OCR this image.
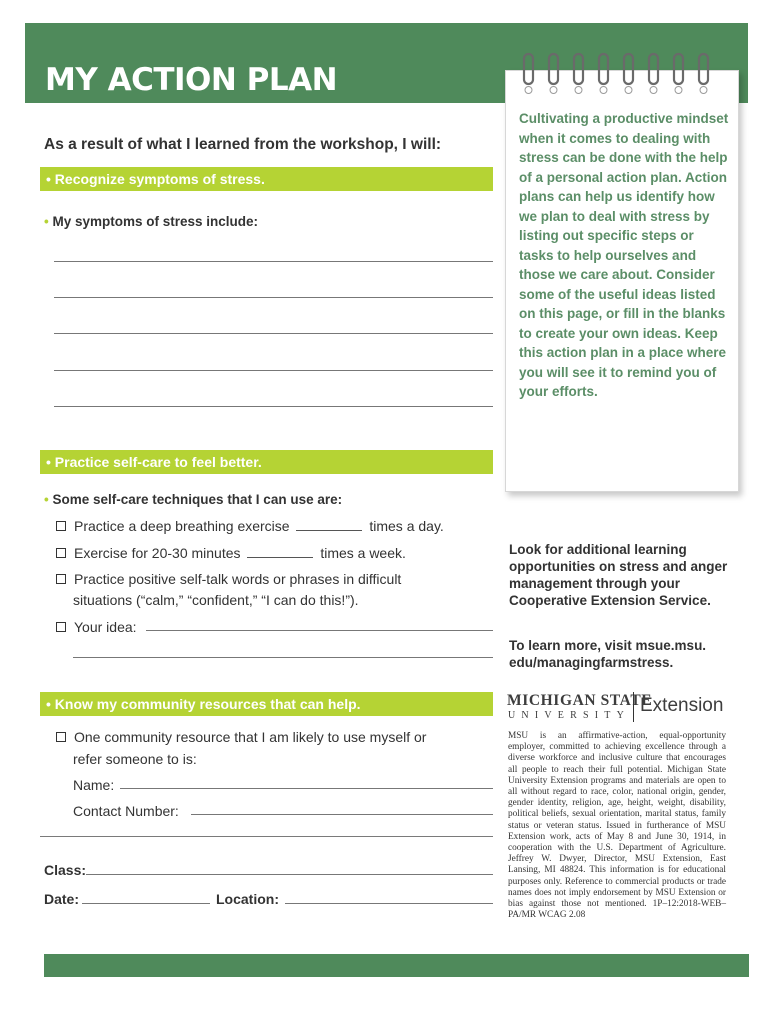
MY ACTION PLAN

As a result of what I learned from the workshop, I will:

• Recognize symptoms of stress.
• My symptoms of stress include:
• Practice self-care to feel better.
• Some self-care techniques that I can use are:
Practice a deep breathing exercise	times a day.
Exercise for 20-30 minutes	times a week.
Practice positive self-talk words or phrases in difficult
situations (“calm,” “confident,” “I can do this!”).
Your idea:
• Know my community resources that can help.
One community resource that I am likely to use myself or
refer someone to is:
Name:
Contact Number:
Class:
Date:	Location:
Cultivating a productive mindset when it comes to dealing with stress can be done with the help of a personal action plan. Action plans can help us identify how we plan to deal with stress by listing out specific steps or tasks to help ourselves and those we care about. Consider some of the useful ideas listed on this page, or fill in the blanks to create your own ideas. Keep this action plan in a place where you will see it to remind you of your efforts.
Look for additional learning opportunities on stress and anger management through your Cooperative Extension Service.
To learn more, visit msue.msu. edu/managingfarmstress.
MICHIGAN STATE
UNIVERSITY Extension
MSU is an affirmative-action, equal-opportunity employer, committed to achieving excellence through a diverse workforce and inclusive culture that encourages all people to reach their full potential. Michigan State University Extension programs and materials are open to all without regard to race, color, national origin, gender, gender identity, religion, age, height, weight, disability, political beliefs, sexual orientation, marital status, family status or veteran status. Issued in furtherance of MSU Extension work, acts of May 8 and June 30, 1914, in cooperation with the U.S. Department of Agriculture. Jeffrey W. Dwyer, Director, MSU Extension, East Lansing, MI 48824. This information is for educational purposes only. Reference to commercial products or trade names does not imply endorsement by MSU Extension or bias against those not mentioned. 1P–12:2018-WEB–PA/MR WCAG 2.08
